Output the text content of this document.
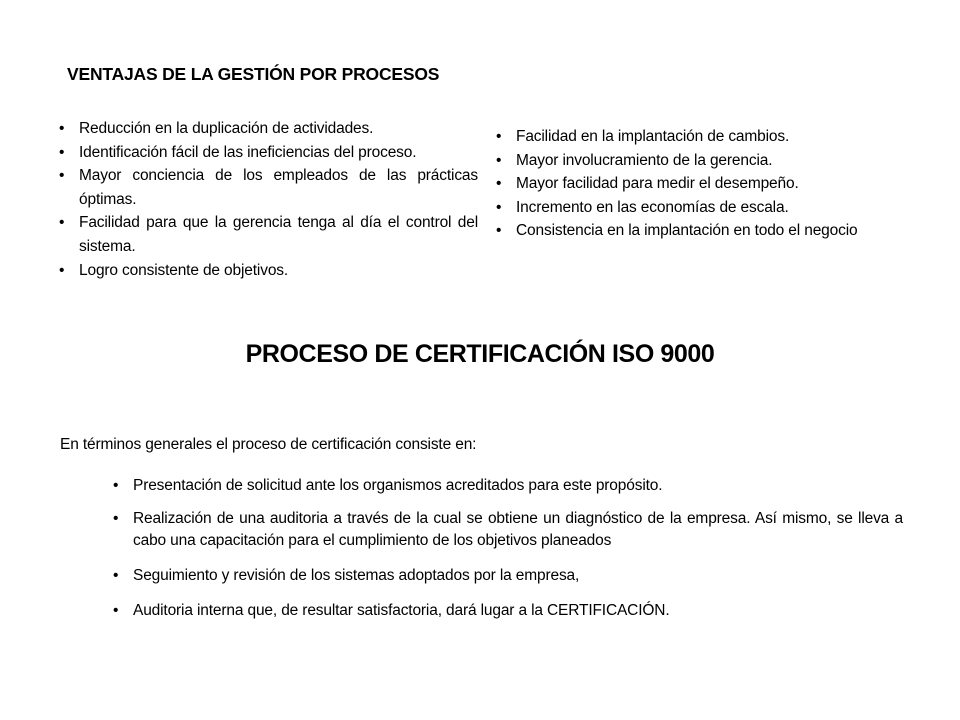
VENTAJAS DE LA GESTIÓN POR PROCESOS
• Reducción en la duplicación de actividades.
• Identificación fácil de las ineficiencias del proceso.
• Mayor conciencia de los empleados de las prácticas óptimas.
• Facilidad para que la gerencia tenga al día el control del sistema.
• Logro consistente de objetivos.
• Facilidad en la implantación de cambios.
• Mayor involucramiento de la gerencia.
• Mayor facilidad para medir el desempeño.
• Incremento en las economías de escala.
• Consistencia en la implantación en todo el negocio
PROCESO DE CERTIFICACIÓN ISO 9000
En términos generales el proceso de certificación consiste en:
• Presentación de solicitud ante los organismos acreditados para este propósito.
• Realización de una auditoria a través de la cual se obtiene un diagnóstico de la empresa. Así mismo, se lleva a cabo una capacitación para el cumplimiento de los objetivos planeados
• Seguimiento y revisión de los sistemas adoptados por la empresa,
• Auditoria interna que, de resultar satisfactoria, dará lugar a la CERTIFICACIÓN.
